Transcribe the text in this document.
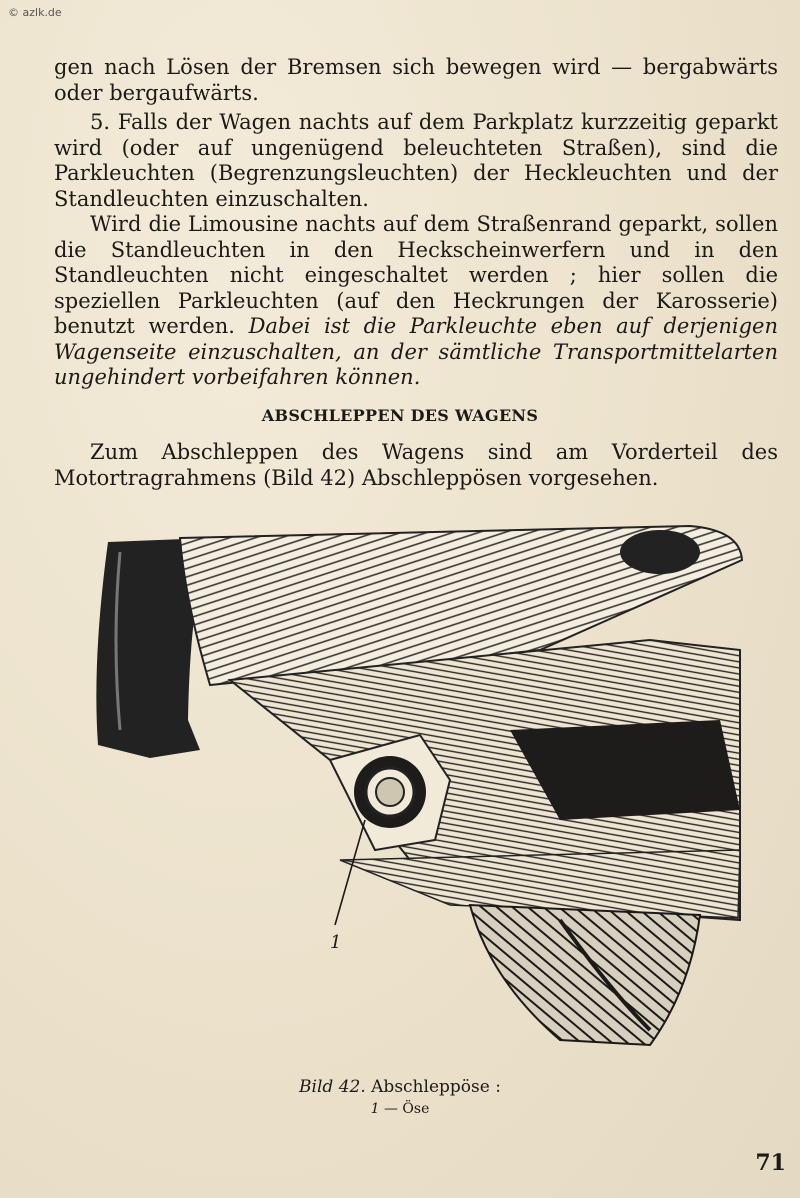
© azlk.de

gen nach Lösen der Bremsen sich bewegen wird — bergabwärts oder bergaufwärts.

5. Falls der Wagen nachts auf dem Parkplatz kurzzeitig geparkt wird (oder auf ungenügend beleuchteten Straßen), sind die Parkleuchten (Begrenzungsleuchten) der Heckleuchten und der Standleuchten einzuschalten.

Wird die Limousine nachts auf dem Straßenrand geparkt, sollen die Standleuchten in den Heckscheinwerfern und in den Standleuchten nicht eingeschaltet werden ; hier sollen die speziellen Parkleuchten (auf den Heckrungen der Karosserie) benutzt werden. Dabei ist die Parkleuchte eben auf derjenigen Wagenseite einzuschalten, an der sämtliche Transportmittelarten ungehindert vorbeifahren können.

ABSCHLEPPEN DES WAGENS

Zum Abschleppen des Wagens sind am Vorderteil des Motortragrahmens (Bild 42) Abschleppösen vorgesehen.

1
Bild 42. Abschleppöse :
1 — Öse
71
